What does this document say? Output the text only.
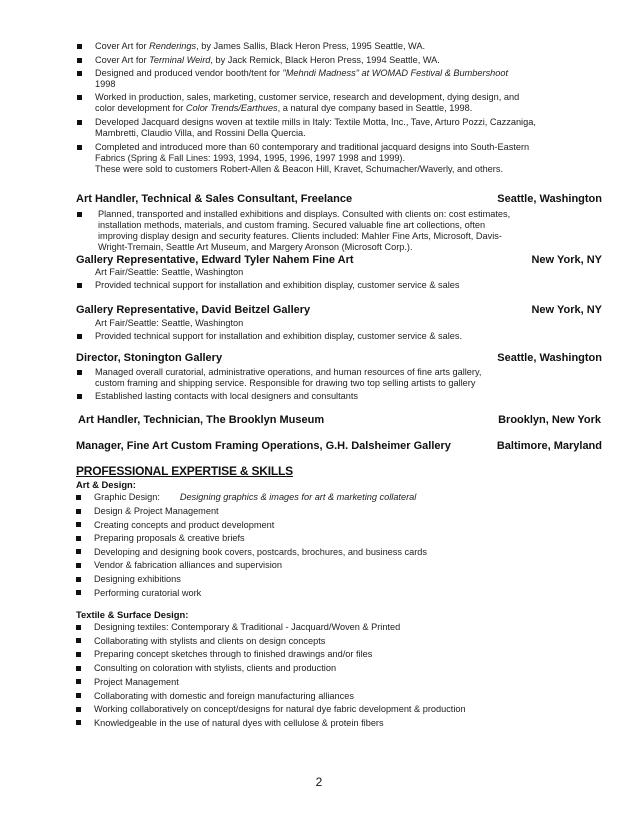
Cover Art for Renderings, by James Sallis, Black Heron Press, 1995 Seattle, WA.

Cover Art for Terminal Weird, by Jack Remick, Black Heron Press, 1994 Seattle, WA.

Designed and produced vendor booth/tent for "Mehndi Madness" at WOMAD Festival & Bumbershoot

1998

Worked in production, sales, marketing, customer service, research and development, dying design, and

color development for Color Trends/Earthues, a natural dye company based in Seattle, 1998.

Developed Jacquard designs woven at textile mills in Italy: Textile Motta, Inc., Tave, Arturo Pozzi, Cazzaniga,

Mambretti, Claudio Villa, and Rossini Della Quercia.

Completed and introduced more than 60 contemporary and traditional jacquard designs into South-Eastern

Fabrics (Spring & Fall Lines: 1993, 1994, 1995, 1996, 1997 1998 and 1999).

These were sold to customers Robert-Allen & Beacon Hill, Kravet, Schumacher/Waverly, and others.

Art Handler, Technical & Sales Consultant, Freelance	Seattle, Washington

Planned, transported and installed exhibitions and displays. Consulted with clients on: cost estimates,

installation methods, materials, and custom framing. Secured valuable fine art collections, often

improving display design and security features. Clients included: Mahler Fine Arts, Microsoft, Davis-

Wright-Tremain, Seattle Art Museum, and Margery Aronson (Microsoft Corp.).

Gallery Representative, Edward Tyler Nahem Fine Art	New York, NY
Art Fair/Seattle: Seattle, Washington

Provided technical support for installation and exhibition display, customer service & sales

Gallery Representative, David Beitzel Gallery	New York, NY
Art Fair/Seattle: Seattle, Washington

Provided technical support for installation and exhibition display, customer service & sales.

Director, Stonington Gallery	Seattle, Washington

Managed overall curatorial, administrative operations, and human resources of fine arts gallery,

custom framing and shipping service. Responsible for drawing two top selling artists to gallery

Established lasting contacts with local designers and consultants

Art Handler, Technician, The Brooklyn Museum	Brooklyn, New York
Manager, Fine Art Custom Framing Operations, G.H. Dalsheimer Gallery	Baltimore, Maryland
PROFESSIONAL EXPERTISE & SKILLS
Art & Design:

Graphic Design: Designing graphics & images for art & marketing collateral

Design & Project Management

Creating concepts and product development

Preparing proposals & creative briefs

Developing and designing book covers, postcards, brochures, and business cards

Vendor & fabrication alliances and supervision

Designing exhibitions

Performing curatorial work

Textile & Surface Design:

Designing textiles: Contemporary & Traditional - Jacquard/Woven & Printed

Collaborating with stylists and clients on design concepts

Preparing concept sketches through to finished drawings and/or files

Consulting on coloration with stylists, clients and production

Project Management

Collaborating with domestic and foreign manufacturing alliances

Working collaboratively on concept/designs for natural dye fabric development & production

Knowledgeable in the use of natural dyes with cellulose & protein fibers

2
